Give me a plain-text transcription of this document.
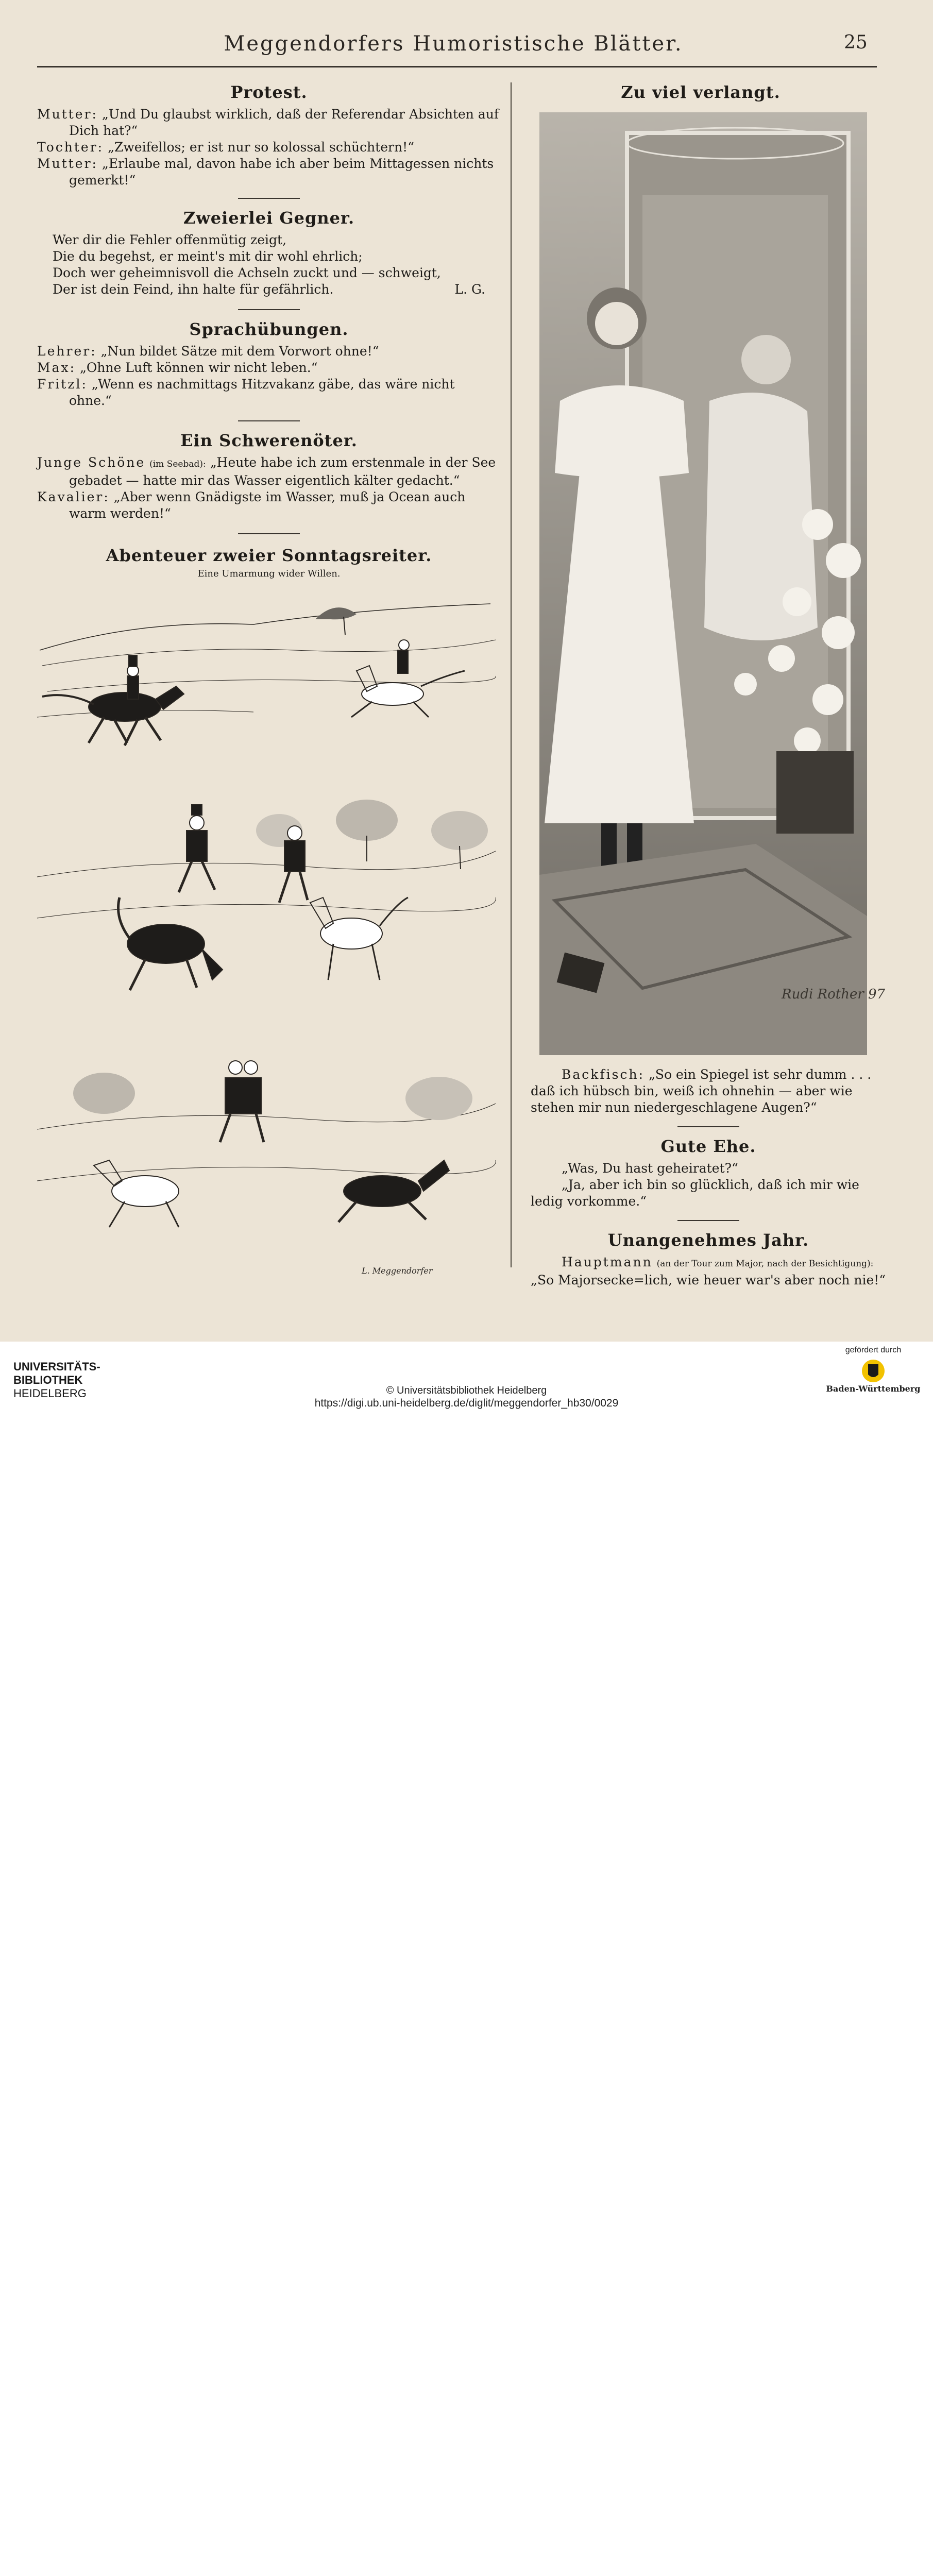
Meggendorfers Humoristische Blätter.	25
Protest.
Mutter: „Und Du glaubst wirklich, daß der Referendar Absichten auf Dich hat?“
Tochter: „Zweifellos; er ist nur so kolossal schüchtern!“
Mutter: „Erlaube mal, davon habe ich aber beim Mittagessen nichts gemerkt!“
Zweierlei Gegner.
Wer dir die Fehler offenmütig zeigt,
Die du begehst, er meint's mit dir wohl ehrlich;
Doch wer geheimnisvoll die Achseln zuckt und — schweigt,
Der ist dein Feind, ihn halte für gefährlich.	L. G.
Sprachübungen.
Lehrer: „Nun bildet Sätze mit dem Vorwort ohne!“
Max: „Ohne Luft können wir nicht leben.“
Fritzl: „Wenn es nachmittags Hitzvakanz gäbe, das wäre nicht ohne.“
Ein Schwerenöter.
Junge Schöne (im Seebad): „Heute habe ich zum erstenmale in der See gebadet — hatte mir das Wasser eigentlich kälter gedacht.“
Kavalier: „Aber wenn Gnädigste im Wasser, muß ja Ocean auch warm werden!“
Abenteuer zweier Sonntagsreiter.
Eine Umarmung wider Willen.
L. Meggendorfer
Zu viel verlangt.
Rudi Rother 97
Backfisch: „So ein Spiegel ist sehr dumm . . . daß ich hübsch bin, weiß ich ohnehin — aber wie stehen mir nun niedergeschlagene Augen?“
Gute Ehe.
„Was, Du hast geheiratet?“
„Ja, aber ich bin so glücklich, daß ich mir wie ledig vorkomme.“
Unangenehmes Jahr.
Hauptmann (an der Tour zum Major, nach der Besichtigung): „So Majorsecke=lich, wie heuer war's aber noch nie!“
UNIVERSITÄTS-
BIBLIOTHEK
HEIDELBERG	© Universitätsbibliothek Heidelberg
https://digi.ub.uni-heidelberg.de/diglit/meggendorfer_hb30/0029
gefördert durch
Baden-Württemberg
